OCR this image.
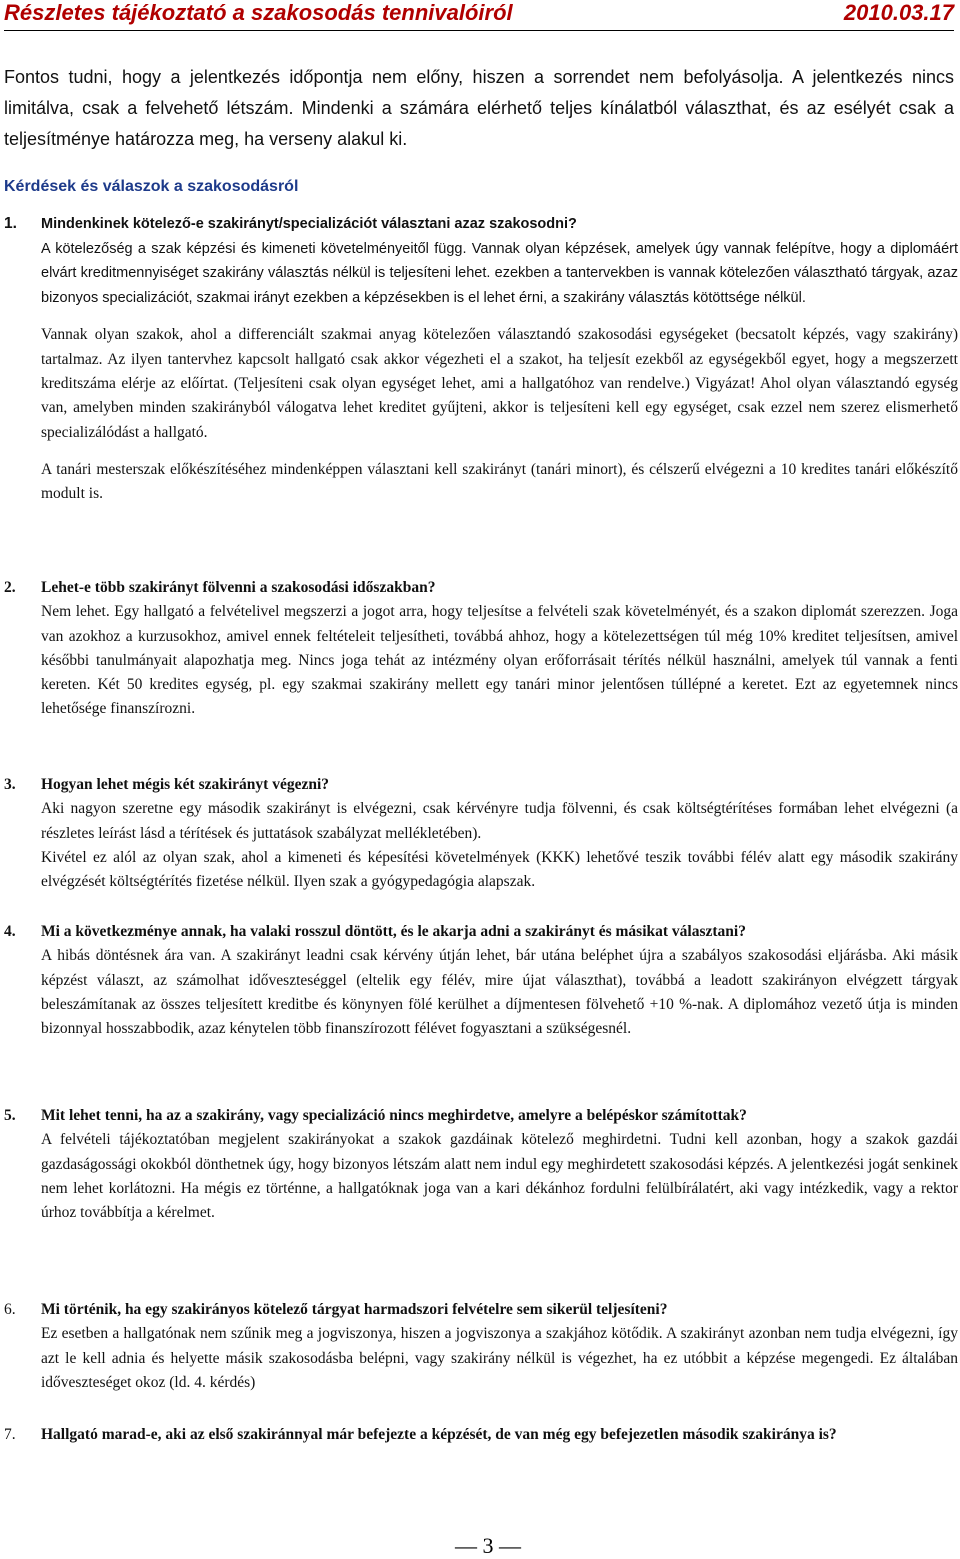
Részletes tájékoztató a szakosodás tennivalóiról	2010.03.17
Fontos tudni, hogy a jelentkezés időpontja nem előny, hiszen a sorrendet nem befolyásolja. A jelentkezés nincs limitálva, csak a felvehető létszám. Mindenki a számára elérhető teljes kínálatból választhat, és az esélyét csak a teljesítménye határozza meg, ha verseny alakul ki.
Kérdések és válaszok a szakosodásról
1.	Mindenkinek kötelező-e szakirányt/specializációt választani azaz szakosodni?

A kötelezőség a szak képzési és kimeneti követelményeitől függ. Vannak olyan képzések, amelyek úgy vannak felépítve, hogy a diplomáért elvárt kreditmennyiséget szakirány választás nélkül is teljesíteni lehet. ezekben a tantervekben is vannak kötelezően választható tárgyak, azaz bizonyos specializációt, szakmai irányt ezekben a képzésekben is el lehet érni, a szakirány választás kötöttsége nélkül.

Vannak olyan szakok, ahol a differenciált szakmai anyag kötelezően választandó szakosodási egységeket (becsatolt képzés, vagy szakirány) tartalmaz. Az ilyen tantervhez kapcsolt hallgató csak akkor végezheti el a szakot, ha teljesít ezekből az egységekből egyet, hogy a megszerzett kreditszáma elérje az előírtat. (Teljesíteni csak olyan egységet lehet, ami a hallgatóhoz van rendelve.) Vigyázat! Ahol olyan választandó egység van, amelyben minden szakirányból válogatva lehet kreditet gyűjteni, akkor is teljesíteni kell egy egységet, csak ezzel nem szerez elismerhető specializálódást a hallgató.

A tanári mesterszak előkészítéséhez mindenképpen választani kell szakirányt (tanári minort), és célszerű elvégezni a 10 kredites tanári előkészítő modult is.

2.	Lehet-e több szakirányt fölvenni a szakosodási időszakban?

Nem lehet. Egy hallgató a felvételivel megszerzi a jogot arra, hogy teljesítse a felvételi szak követelményét, és a szakon diplomát szerezzen. Joga van azokhoz a kurzusokhoz, amivel ennek feltételeit teljesítheti, továbbá ahhoz, hogy a kötelezettségen túl még 10% kreditet teljesítsen, amivel későbbi tanulmányait alapozhatja meg. Nincs joga tehát az intézmény olyan erőforrásait térítés nélkül használni, amelyek túl vannak a fenti kereten. Két 50 kredites egység, pl. egy szakmai szakirány mellett egy tanári minor jelentősen túllépné a keretet. Ezt az egyetemnek nincs lehetősége finanszírozni.

3.	Hogyan lehet mégis két szakirányt végezni?

Aki nagyon szeretne egy második szakirányt is elvégezni, csak kérvényre tudja fölvenni, és csak költségtérítéses formában lehet elvégezni (a részletes leírást lásd a térítések és juttatások szabályzat mellékletében).

Kivétel ez alól az olyan szak, ahol a kimeneti és képesítési követelmények (KKK) lehetővé teszik további félév alatt egy második szakirány elvégzését költségtérítés fizetése nélkül. Ilyen szak a gyógypedagógia alapszak.

4.	Mi a következménye annak, ha valaki rosszul döntött, és le akarja adni a szakirányt és másikat választani?

A hibás döntésnek ára van. A szakirányt leadni csak kérvény útján lehet, bár utána beléphet újra a szabályos szakosodási eljárásba. Aki másik képzést választ, az számolhat időveszteséggel (eltelik egy félév, mire újat választhat), továbbá a leadott szakirányon elvégzett tárgyak beleszámítanak az összes teljesített kreditbe és könynyen fölé kerülhet a díjmentesen fölvehető +10 %-nak. A diplomához vezető útja is minden bizonnyal hosszabbodik, azaz kénytelen több finanszírozott félévet fogyasztani a szükségesnél.

5.	Mit lehet tenni, ha az a szakirány, vagy specializáció nincs meghirdetve, amelyre a belépéskor számítottak?

A felvételi tájékoztatóban megjelent szakirányokat a szakok gazdáinak kötelező meghirdetni. Tudni kell azonban, hogy a szakok gazdái gazdaságossági okokból dönthetnek úgy, hogy bizonyos létszám alatt nem indul egy meghirdetett szakosodási képzés. A jelentkezési jogát senkinek nem lehet korlátozni. Ha mégis ez történne, a hallgatóknak joga van a kari dékánhoz fordulni felülbírálatért, aki vagy intézkedik, vagy a rektor úrhoz továbbítja a kérelmet.

6.	Mi történik, ha egy szakirányos kötelező tárgyat harmadszori felvételre sem sikerül teljesíteni?

Ez esetben a hallgatónak nem szűnik meg a jogviszonya, hiszen a jogviszonya a szakjához kötődik. A szakirányt azonban nem tudja elvégezni, így azt le kell adnia és helyette másik szakosodásba belépni, vagy szakirány nélkül is végezhet, ha ez utóbbit a képzése megengedi. Ez általában időveszteséget okoz (ld. 4. kérdés)

7.	Hallgató marad-e, aki az első szakiránnyal már befejezte a képzését, de van még egy befejezetlen második szakiránya is?
— 3 —
